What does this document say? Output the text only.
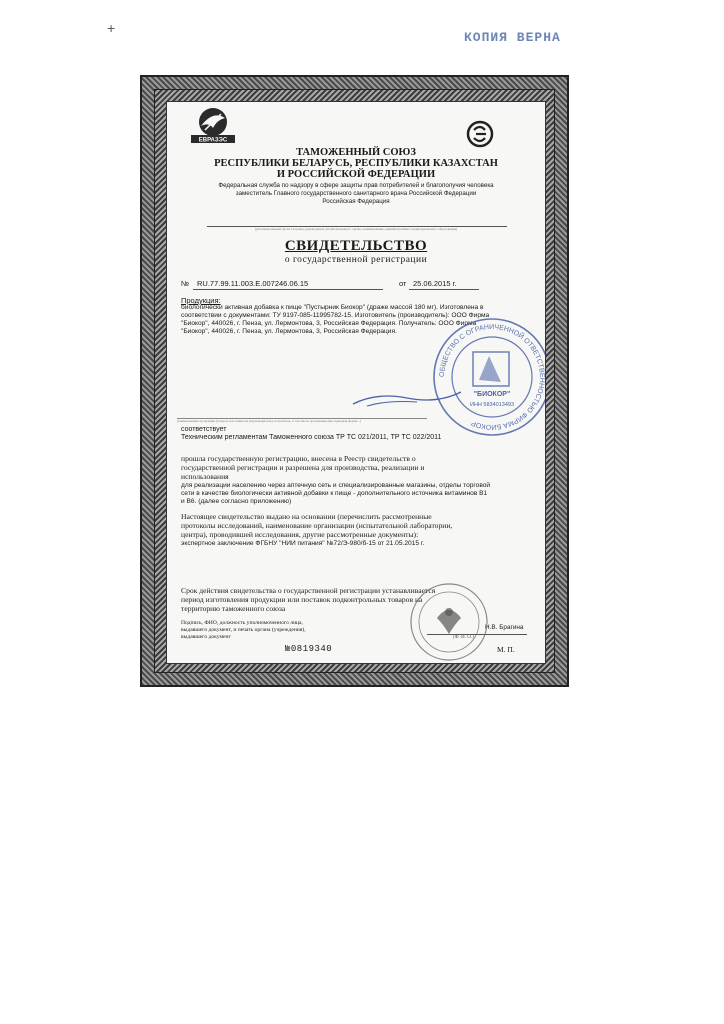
+
КОПИЯ ВЕРНА
ЕВРАЗЭС

ТАМОЖЕННЫЙ СОЮЗ

РЕСПУБЛИКИ БЕЛАРУСЬ, РЕСПУБЛИКИ КАЗАХСТАН

И РОССИЙСКОЙ ФЕДЕРАЦИИ

Федеральная служба по надзору в сфере защиты прав потребителей и благополучия человека

заместитель Главного государственного санитарного врача Российской Федерации

Российская Федерация

(уполномоченный орган Стороны, руководитель уполномоченного органа, наименование административно-территориального образования)

СВИДЕТЕЛЬСТВО

о государственной регистрации

№ RU.77.99.11.003.E.007246.06.15	от 25.06.2015 г.

Продукция:

биологически активная добавка к пище "Пустырник Биокор" (драже массой 180 мг). Изготовлена в

соответствии с документами: ТУ 9197-085-11995782-15. Изготовитель (производитель): ООО Фирма

"Биокор", 440026, г. Пенза, ул. Лермонтова, 3, Российская Федерация. Получатель: ООО Фирма

"Биокор", 440026, г. Пенза, ул. Лермонтова, 3, Российская Федерация.

(наименование продукции (товара), изготовитель (производитель), получатель, в том числе организационно-правовая форма...)

соответствует

Техническим регламентам Таможенного союза ТР ТС 021/2011, ТР ТС 022/2011

прошла государственную регистрацию, внесена в Реестр свидетельств о

государственной регистрации и разрешена для производства, реализации и

использования

для реализации населению через аптечную сеть и специализированные магазины, отделы торговой

сети в качестве биологически активной добавки к пище - дополнительного источника витаминов В1

и В6. (далее согласно приложению)

Настоящее свидетельство выдано на основании (перечислить рассмотренные

протоколы исследований, наименование организации (испытательной лаборатории,

центра), проводившей исследования, другие рассмотренные документы):

экспертное заключение ФГБНУ "НИИ питания" №72/Э-980/б-15 от 21.05.2015 г.

Срок действия свидетельства о государственной регистрации устанавливается

период изготовления продукции или поставок подконтрольных товаров на

территорию таможенного союза

Подпись, ФИО, должность уполномоченного лица,

выдавшего документ, и печать органа (учреждения),

выдавшего документ

Н.В. Брагина

(Ф. И. О.)

№0819340	М. П.

ОБЩЕСТВО С ОГРАНИЧЕННОЙ ОТВЕТСТВЕННОСТЬЮ ФИРМА БИОКОР
"БИОКОР"
ИНН 5834013493
